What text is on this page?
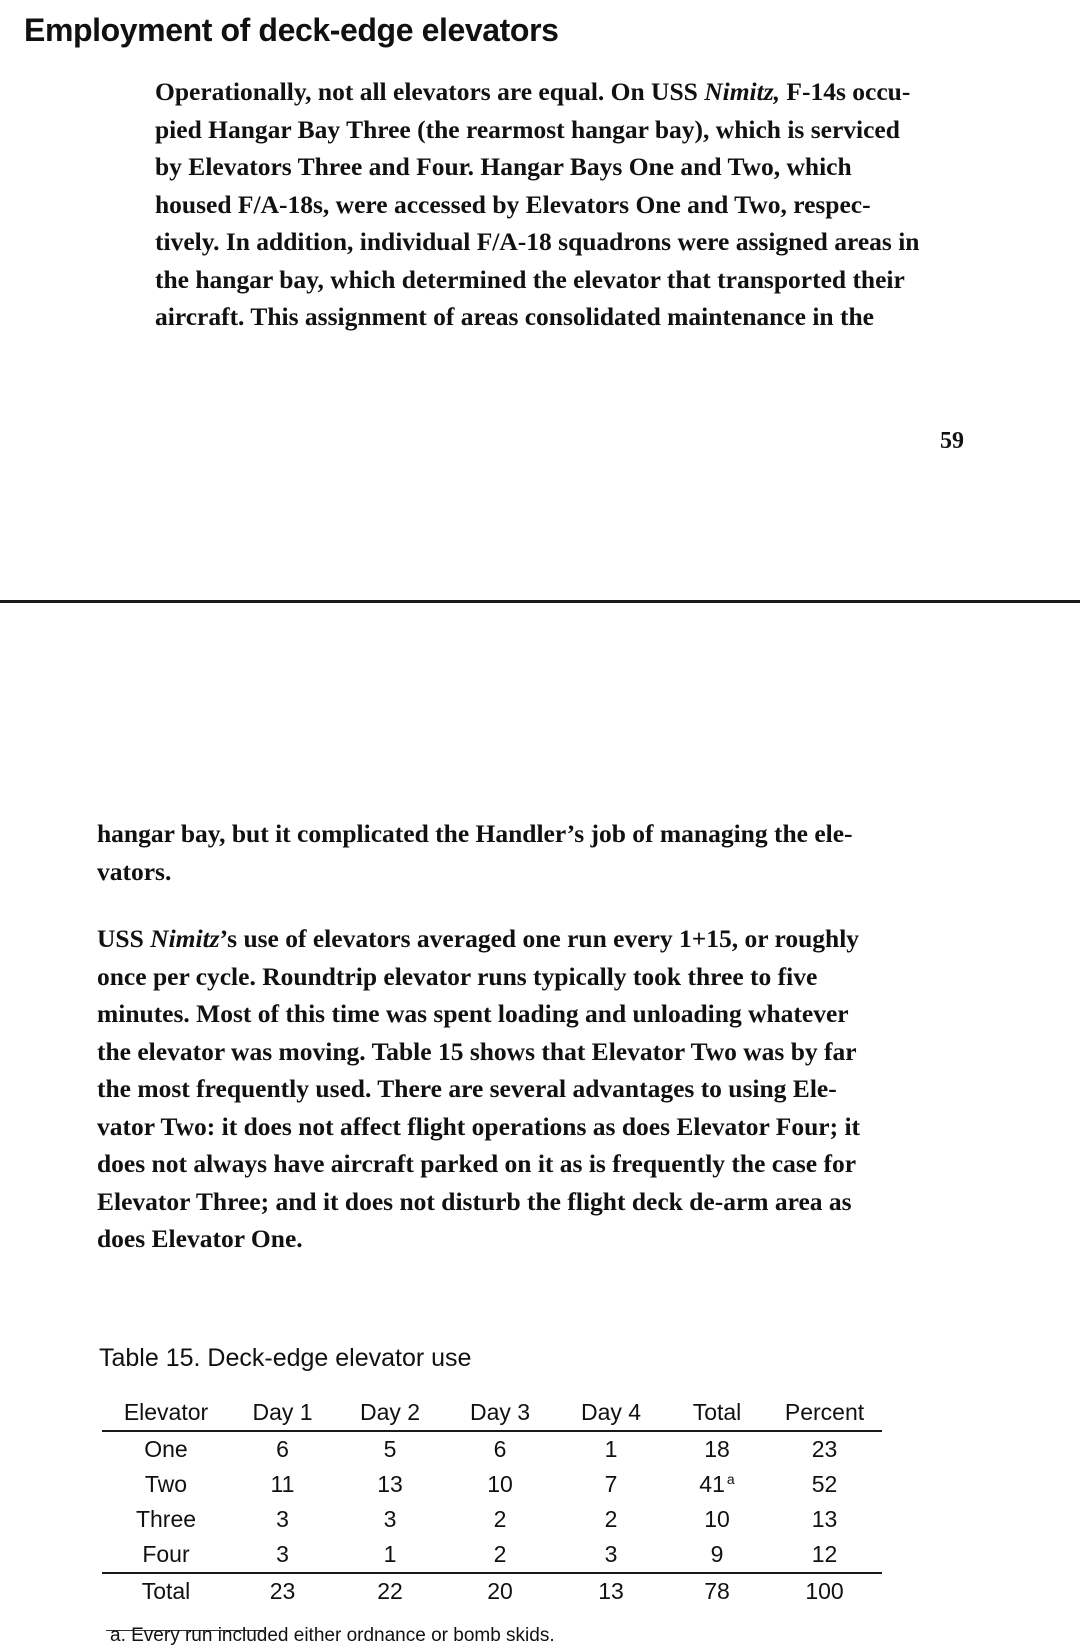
Employment of deck-edge elevators
Operationally, not all elevators are equal. On USS Nimitz, F-14s occu-
pied Hangar Bay Three (the rearmost hangar bay), which is serviced
by Elevators Three and Four. Hangar Bays One and Two, which
housed F/A-18s, were accessed by Elevators One and Two, respec-
tively. In addition, individual F/A-18 squadrons were assigned areas in
the hangar bay, which determined the elevator that transported their
aircraft. This assignment of areas consolidated maintenance in the
59
hangar bay, but it complicated the Handler’s job of managing the ele-
vators.
USS Nimitz’s use of elevators averaged one run every 1+15, or roughly
once per cycle. Roundtrip elevator runs typically took three to five
minutes. Most of this time was spent loading and unloading whatever
the elevator was moving. Table 15 shows that Elevator Two was by far
the most frequently used. There are several advantages to using Ele-
vator Two: it does not affect flight operations as does Elevator Four; it
does not always have aircraft parked on it as is frequently the case for
Elevator Three; and it does not disturb the flight deck de-arm area as
does Elevator One.
Table 15. Deck-edge elevator use
Elevator	Day 1	Day 2	Day 3	Day 4	Total	Percent
One	6	5	6	1	18	23
Two	11	13	10	7	41 $^a$	52
Three	3	3	2	2	10	13
Four	3	1	2	3	9	12
Total	23	22	20	13	78	100
a. Every run included either ordnance or bomb skids.
